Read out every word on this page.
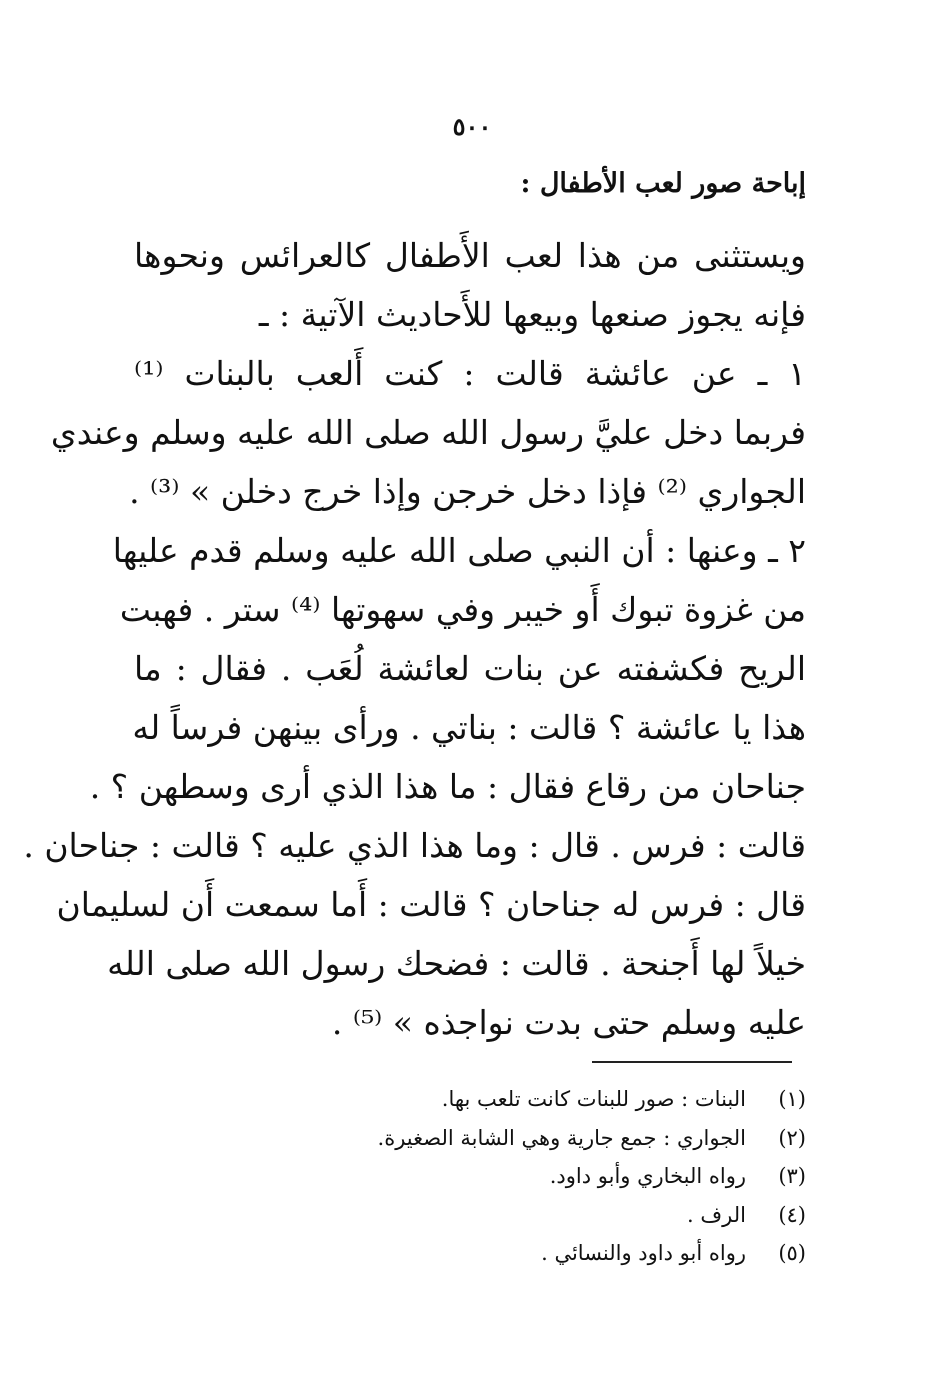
٥٠٠
إباحة صور لعب الأطفال :
ويستثنى من هذا لعب الأَطفال كالعرائس ونحوها
فإنه يجوز صنعها وبيعها للأَحاديث الآتية : ـ
١ ـ عن عائشة قالت : كنت أَلعب بالبنات ⁽¹⁾
فربما دخل عليَّ رسول الله صلى الله عليه وسلم وعندي
الجواري ⁽²⁾ فإذا دخل خرجن وإذا خرج دخلن » ⁽³⁾ .
٢ ـ وعنها : أن النبي صلى الله عليه وسلم قدم عليها
من غزوة تبوك أَو خيبر وفي سهوتها ⁽⁴⁾ ستر . فهبت
الريح فكشفته عن بنات لعائشة لُعَب . فقال : ما
هذا يا عائشة ؟ قالت : بناتي . ورأى بينهن فرساً له
جناحان من رقاع فقال : ما هذا الذي أرى وسطهن ؟ .
قالت : فرس . قال : وما هذا الذي عليه ؟ قالت : جناحان .
قال : فرس له جناحان ؟ قالت : أَما سمعت أَن لسليمان
خيلاً لها أَجنحة . قالت : فضحك رسول الله صلى الله
عليه وسلم حتى بدت نواجذه » ⁽⁵⁾ .
(١)البنات : صور للبنات كانت تلعب بها.
(٢)الجواري : جمع جارية وهي الشابة الصغيرة.
(٣)رواه البخاري وأبو داود.
(٤)الرف .
(٥)رواه أبو داود والنسائي .
